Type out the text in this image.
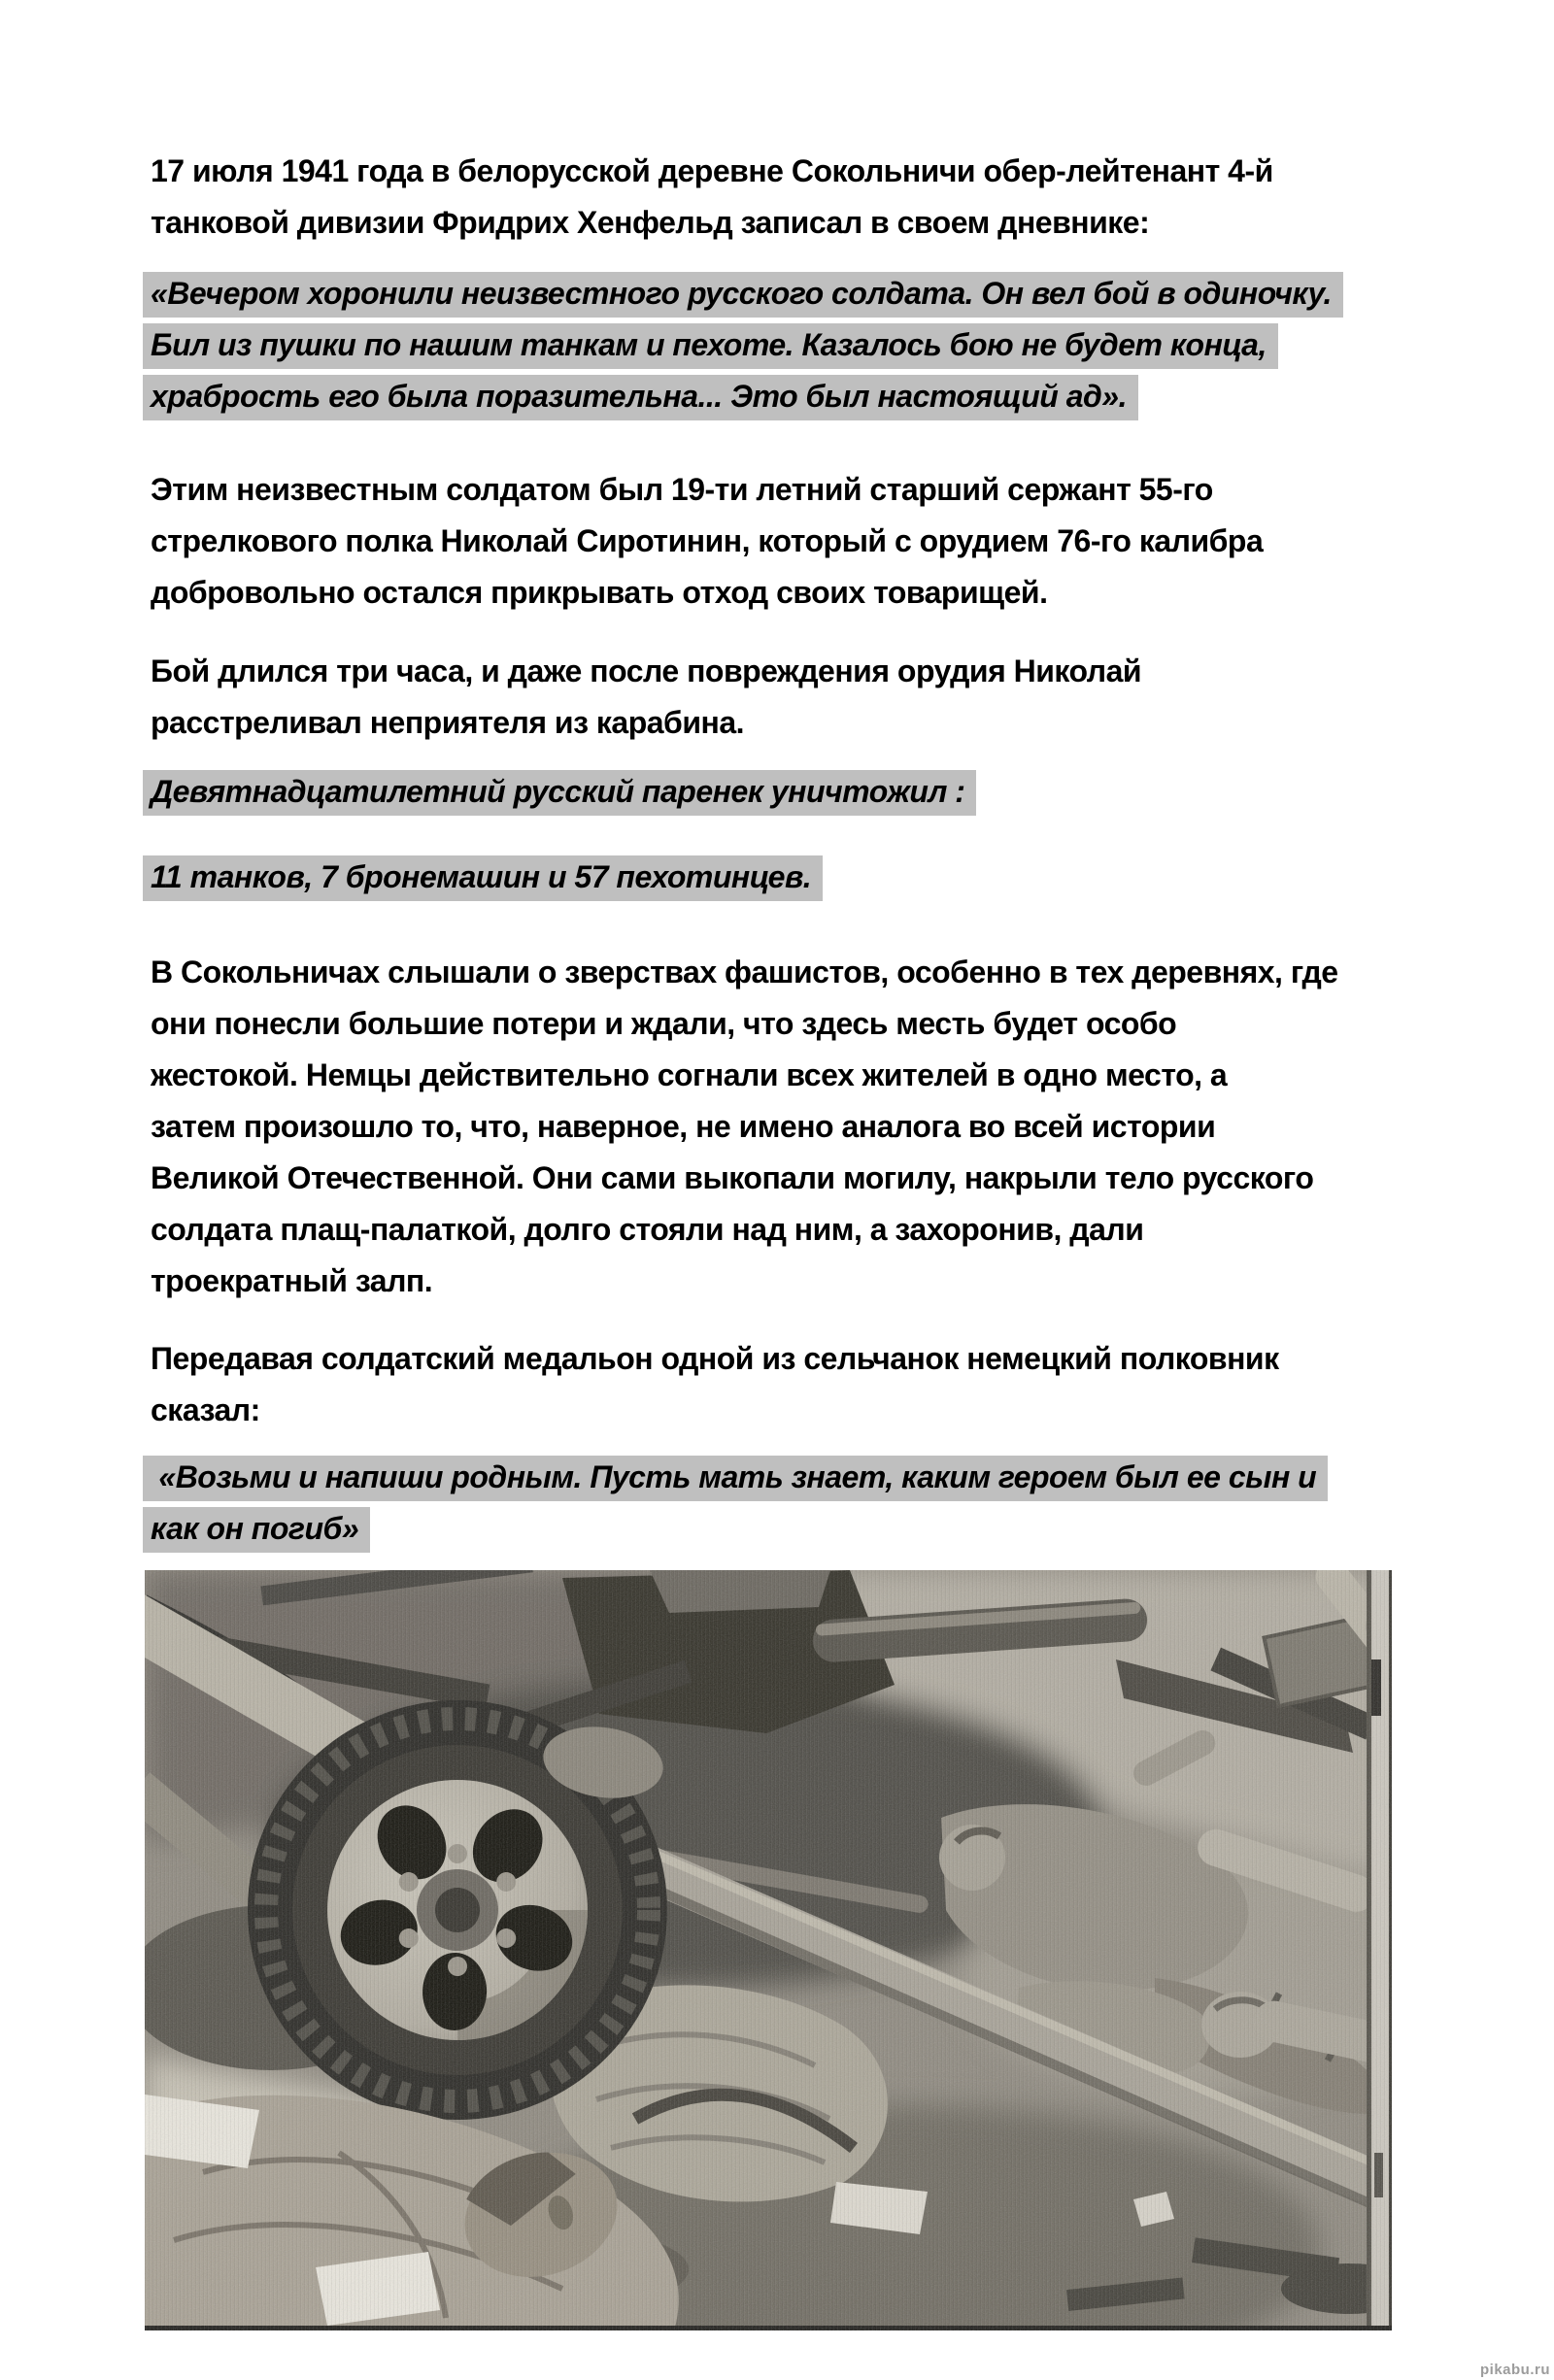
17 июля 1941 года в белорусской деревне Сокольничи обер-лейтенант 4-й
танковой дивизии Фридрих Хенфельд записал в своем дневнике:
«Вечером хоронили неизвестного русского солдата. Он вел бой в одиночку.
Бил из пушки по нашим танкам и пехоте. Казалось бою не будет конца,
храбрость его была поразительна... Это был настоящий ад».
Этим неизвестным солдатом был 19-ти летний старший сержант 55-го
стрелкового полка Николай Сиротинин, который с орудием 76-го калибра
добровольно остался прикрывать отход своих товарищей.
Бой длился три часа, и даже после повреждения орудия Николай
расстреливал неприятеля из карабина.
Девятнадцатилетний русский паренек уничтожил :
11 танков, 7 бронемашин и 57 пехотинцев.
В Сокольничах слышали о зверствах фашистов, особенно в тех деревнях, где
они понесли большие потери и ждали, что здесь месть будет особо
жестокой. Немцы действительно согнали всех жителей в одно место, а
затем произошло то, что, наверное, не имено аналога во всей истории
Великой Отечественной. Они сами выкопали могилу, накрыли тело русского
солдата плащ-палаткой, долго стояли над ним, а захоронив, дали
троекратный залп.
Передавая солдатский медальон одной из сельчанок немецкий полковник
сказал:
«Возьми и напиши родным. Пусть мать знает, каким героем был ее сын и
как он погиб»
pikabu.ru
